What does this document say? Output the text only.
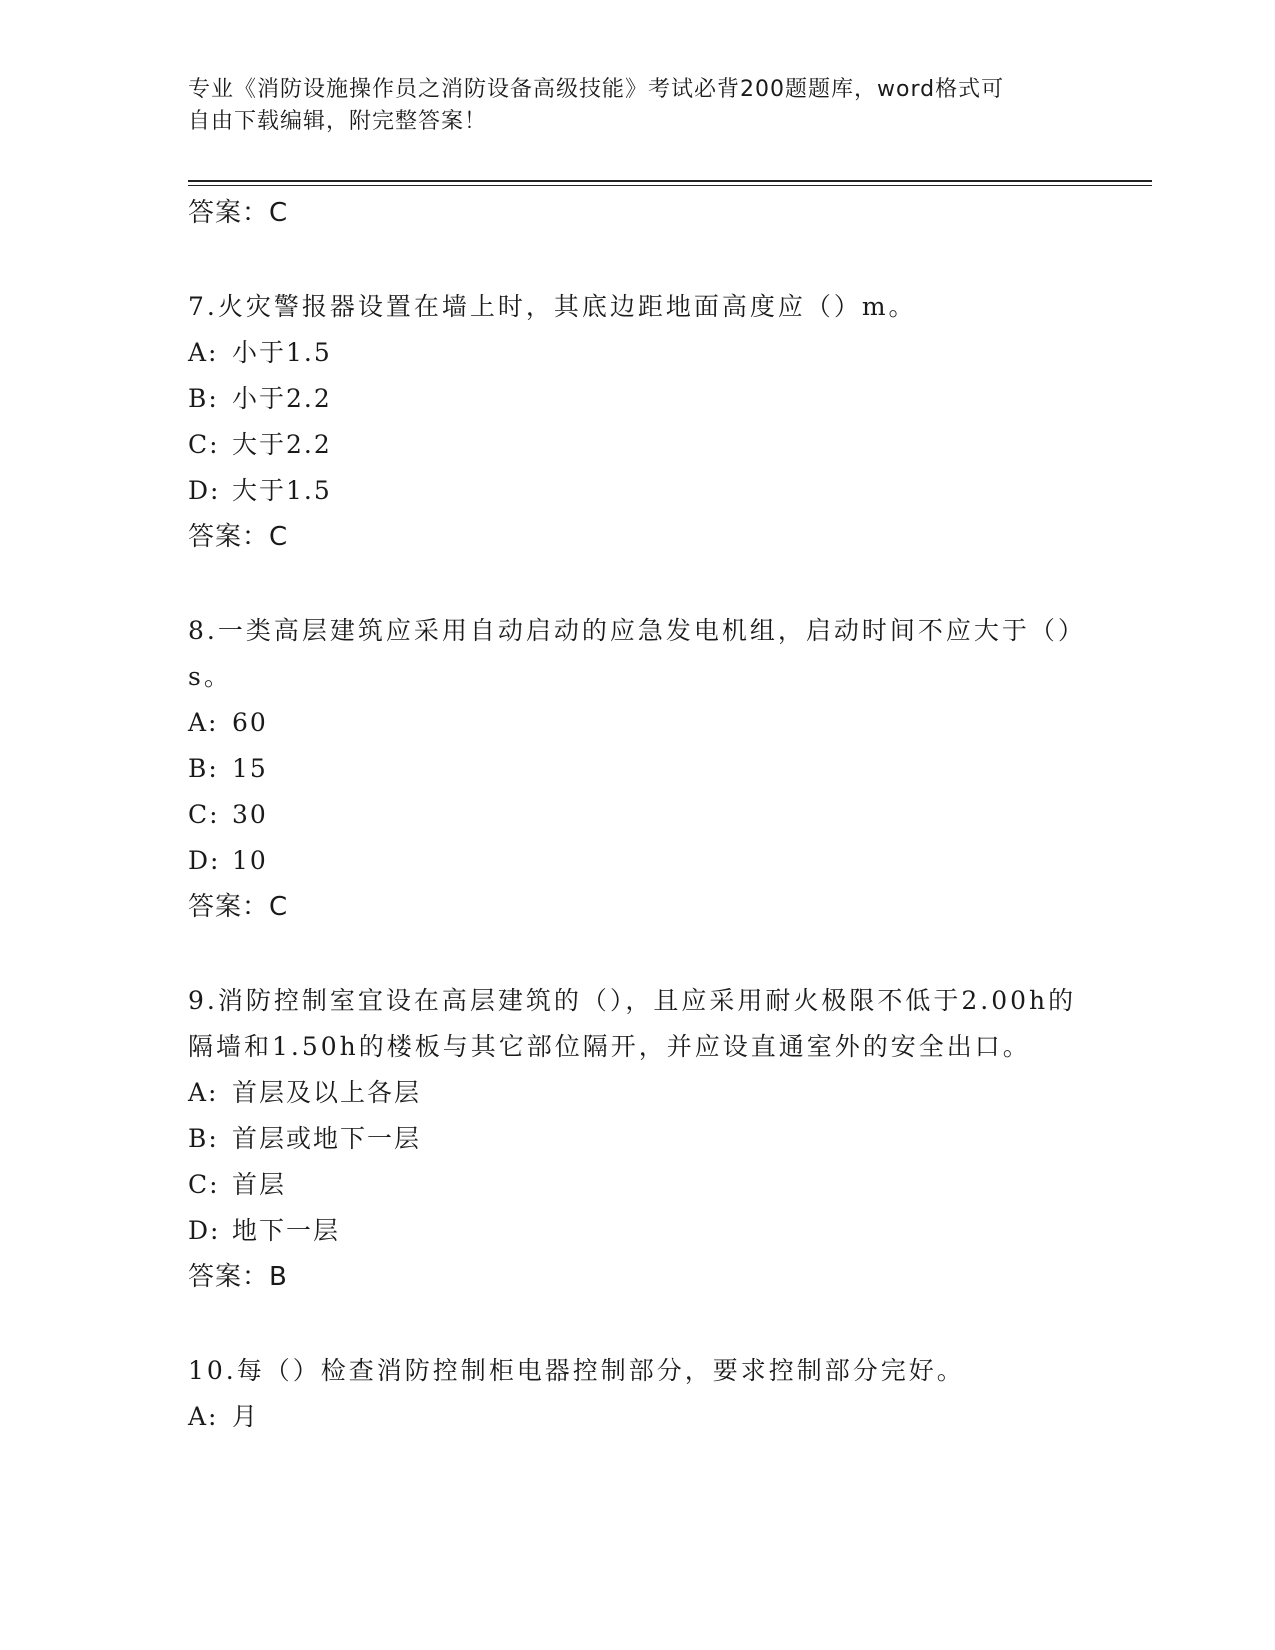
专业《消防设施操作员之消防设备高级技能》考试必背200题题库，word格式可
自由下载编辑，附完整答案！
答案：C
7.火灾警报器设置在墙上时，其底边距地面高度应（）m。
A: 小于1.5
B: 小于2.2
C: 大于2.2
D: 大于1.5
答案：C
8.一类高层建筑应采用自动启动的应急发电机组，启动时间不应大于（）s。
A: 60
B: 15
C: 30
D: 10
答案：C
9.消防控制室宜设在高层建筑的（），且应采用耐火极限不低于2.00h的隔墙和1.50h的楼板与其它部位隔开，并应设直通室外的安全出口。
A: 首层及以上各层
B: 首层或地下一层
C: 首层
D: 地下一层
答案：B
10.每（）检查消防控制柜电器控制部分，要求控制部分完好。
A: 月
